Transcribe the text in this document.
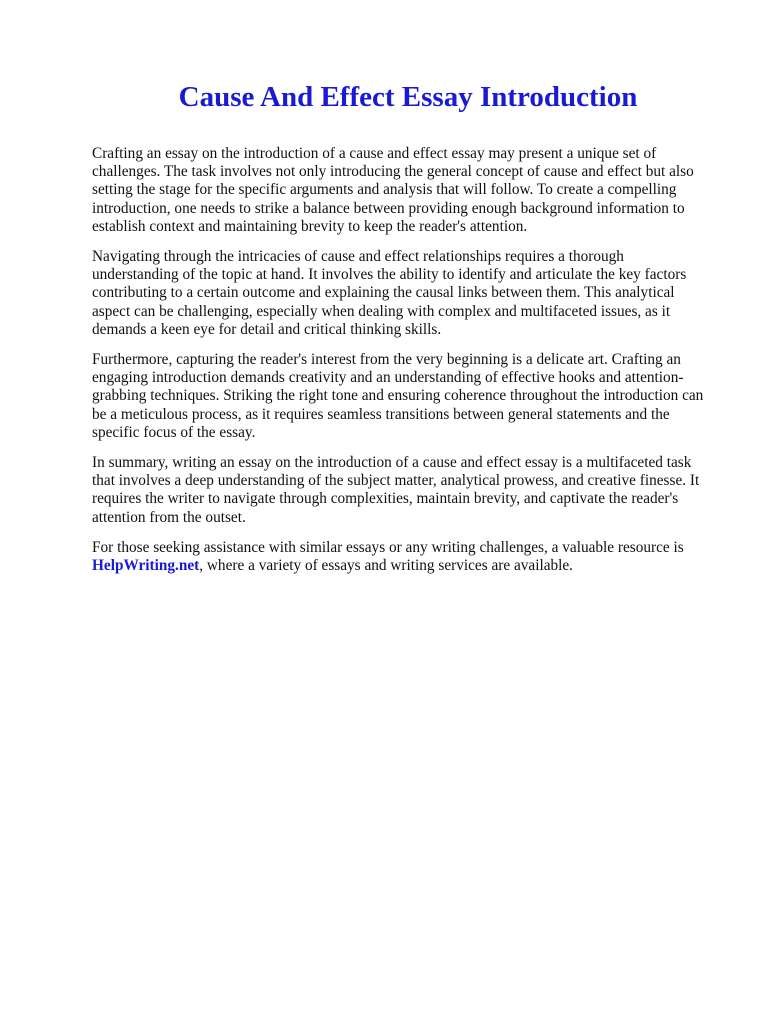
Cause And Effect Essay Introduction

Crafting an essay on the introduction of a cause and effect essay may present a unique set of
challenges. The task involves not only introducing the general concept of cause and effect but also
setting the stage for the specific arguments and analysis that will follow. To create a compelling
introduction, one needs to strike a balance between providing enough background information to
establish context and maintaining brevity to keep the reader's attention.

Navigating through the intricacies of cause and effect relationships requires a thorough
understanding of the topic at hand. It involves the ability to identify and articulate the key factors
contributing to a certain outcome and explaining the causal links between them. This analytical
aspect can be challenging, especially when dealing with complex and multifaceted issues, as it
demands a keen eye for detail and critical thinking skills.

Furthermore, capturing the reader's interest from the very beginning is a delicate art. Crafting an
engaging introduction demands creativity and an understanding of effective hooks and attention-
grabbing techniques. Striking the right tone and ensuring coherence throughout the introduction can
be a meticulous process, as it requires seamless transitions between general statements and the
specific focus of the essay.

In summary, writing an essay on the introduction of a cause and effect essay is a multifaceted task
that involves a deep understanding of the subject matter, analytical prowess, and creative finesse. It
requires the writer to navigate through complexities, maintain brevity, and captivate the reader's
attention from the outset.

For those seeking assistance with similar essays or any writing challenges, a valuable resource is
HelpWriting.net, where a variety of essays and writing services are available.
